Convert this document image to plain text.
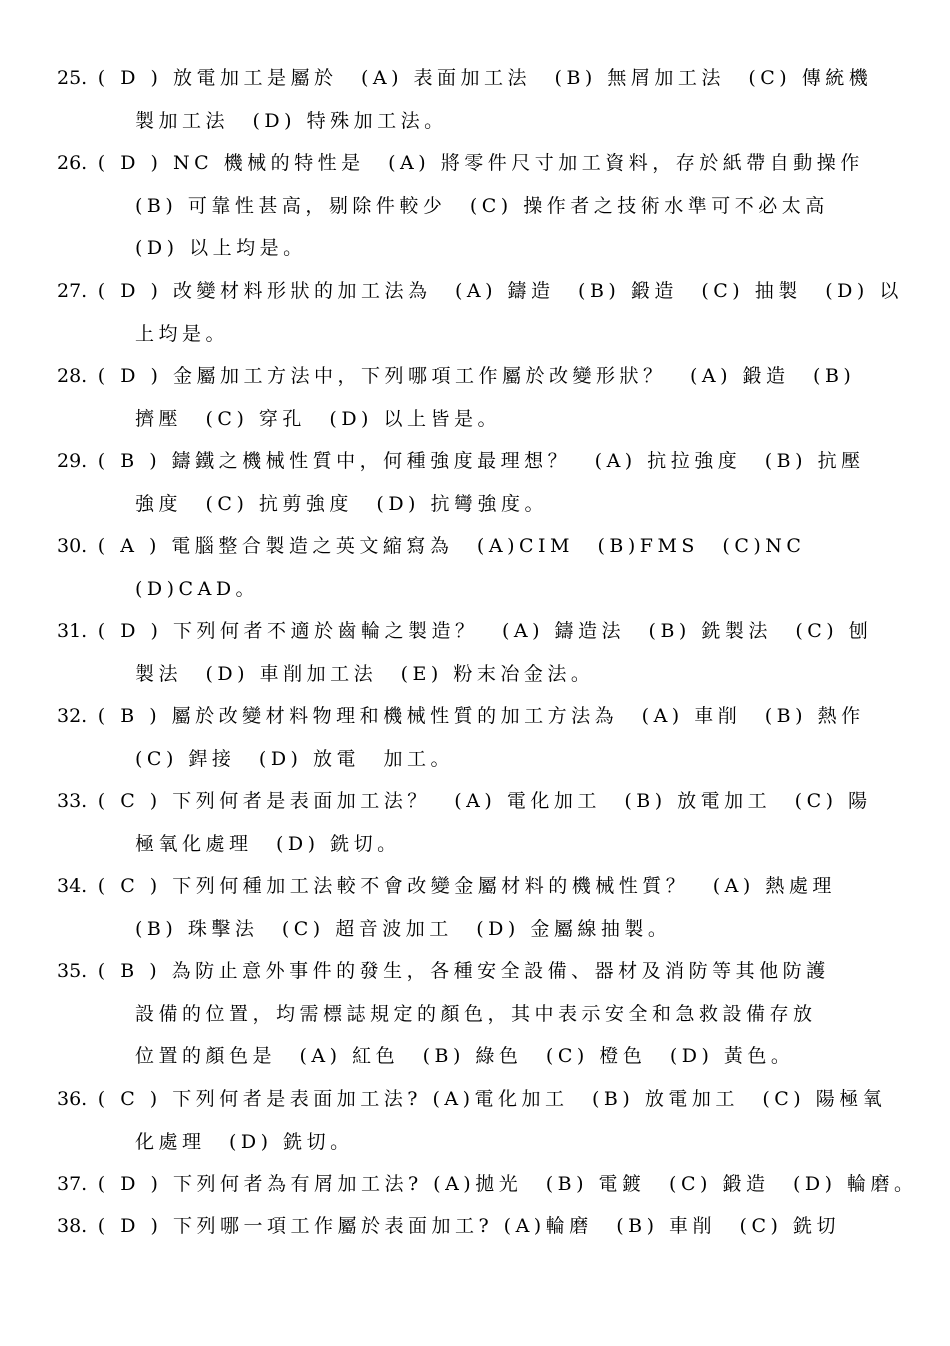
25. ( D ) 放電加工是屬於　(A) 表面加工法　(B) 無屑加工法　(C) 傳統機
製加工法　(D) 特殊加工法。
26. ( D ) NC 機械的特性是　(A) 將零件尺寸加工資料，存於紙帶自動操作
(B) 可靠性甚高，剔除件較少　(C) 操作者之技術水準可不必太高
(D) 以上均是。
27. ( D ) 改變材料形狀的加工法為　(A) 鑄造　(B) 鍛造　(C) 抽製　(D) 以
上均是。
28. ( D ) 金屬加工方法中，下列哪項工作屬於改變形狀？　(A) 鍛造　(B)
擠壓　(C) 穿孔　(D) 以上皆是。
29. ( B ) 鑄鐵之機械性質中，何種強度最理想？　(A) 抗拉強度　(B) 抗壓
強度　(C) 抗剪強度　(D) 抗彎強度。
30. ( A ) 電腦整合製造之英文縮寫為　(A)CIM　(B)FMS　(C)NC
(D)CAD。
31. ( D ) 下列何者不適於齒輪之製造？　(A) 鑄造法　(B) 銑製法　(C) 刨
製法　(D) 車削加工法　(E) 粉末冶金法。
32. ( B ) 屬於改變材料物理和機械性質的加工方法為　(A) 車削　(B) 熱作
(C) 銲接　(D) 放電　加工。
33. ( C ) 下列何者是表面加工法？　(A) 電化加工　(B) 放電加工　(C) 陽
極氧化處理　(D) 銑切。
34. ( C ) 下列何種加工法較不會改變金屬材料的機械性質？　(A) 熱處理
(B) 珠擊法　(C) 超音波加工　(D) 金屬線抽製。
35. ( B ) 為防止意外事件的發生，各種安全設備、器材及消防等其他防護
設備的位置，均需標誌規定的顏色，其中表示安全和急救設備存放
位置的顏色是　(A) 紅色　(B) 綠色　(C) 橙色　(D) 黃色。
36. ( C ) 下列何者是表面加工法? (A)電化加工　(B) 放電加工　(C) 陽極氧
化處理　(D) 銑切。
37. ( D ) 下列何者為有屑加工法? (A)拋光　(B) 電鍍　(C) 鍛造　(D) 輪磨。
38. ( D ) 下列哪一項工作屬於表面加工? (A)輪磨　(B) 車削　(C) 銑切
